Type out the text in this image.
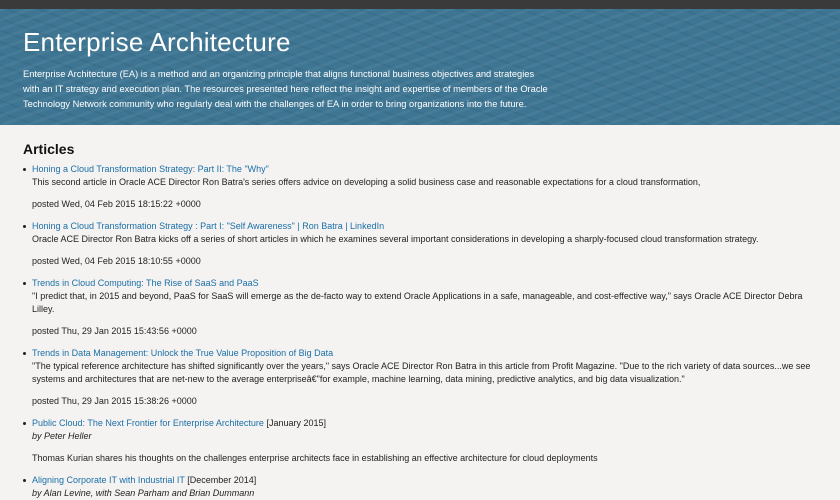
Enterprise Architecture

Enterprise Architecture (EA) is a method and an organizing principle that aligns functional business objectives and strategies with an IT strategy and execution plan. The resources presented here reflect the insight and expertise of members of the Oracle Technology Network community who regularly deal with the challenges of EA in order to bring organizations into the future.

Articles
Honing a Cloud Transformation Strategy: Part II: The "Why"
This second article in Oracle ACE Director Ron Batra's series offers advice on developing a solid business case and reasonable expectations for a cloud transformation,
posted Wed, 04 Feb 2015 18:15:22 +0000
Honing a Cloud Transformation Strategy : Part I: "Self Awareness" | Ron Batra | LinkedIn
Oracle ACE Director Ron Batra kicks off a series of short articles in which he examines several important considerations in developing a sharply-focused cloud transformation strategy.
posted Wed, 04 Feb 2015 18:10:55 +0000
Trends in Cloud Computing: The Rise of SaaS and PaaS
"I predict that, in 2015 and beyond, PaaS for SaaS will emerge as the de-facto way to extend Oracle Applications in a safe, manageable, and cost-effective way," says Oracle ACE Director Debra Lilley.
posted Thu, 29 Jan 2015 15:43:56 +0000
Trends in Data Management: Unlock the True Value Proposition of Big Data
"The typical reference architecture has shifted significantly over the years," says Oracle ACE Director Ron Batra in this article from Profit Magazine. "Due to the rich variety of data sources...we see systems and architectures that are net-new to the average enterpriseâ€"for example, machine learning, data mining, predictive analytics, and big data visualization."
posted Thu, 29 Jan 2015 15:38:26 +0000
Public Cloud: The Next Frontier for Enterprise Architecture [January 2015]
by Peter Heller
Thomas Kurian shares his thoughts on the challenges enterprise architects face in establishing an effective architecture for cloud deployments
Aligning Corporate IT with Industrial IT [December 2014]
by Alan Levine, with Sean Parham and Brian Dummann
